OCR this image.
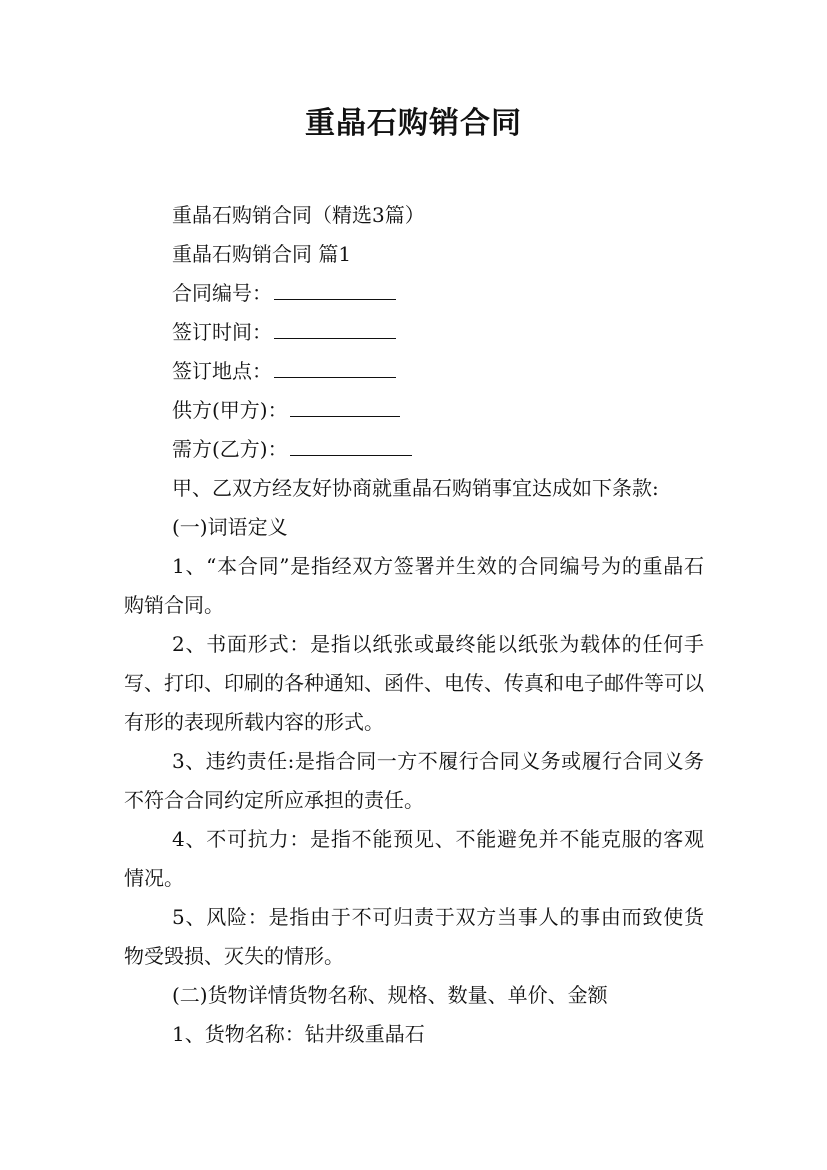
重晶石购销合同

重晶石购销合同（精选3篇）

重晶石购销合同 篇1

合同编号：

签订时间：

签订地点：

供方(甲方)：

需方(乙方)：

甲、乙双方经友好协商就重晶石购销事宜达成如下条款:

(一)词语定义

1、“本合同”是指经双方签署并生效的合同编号为的重晶石购销合同。

2、书面形式：是指以纸张或最终能以纸张为载体的任何手写、打印、印刷的各种通知、函件、电传、传真和电子邮件等可以有形的表现所载内容的形式。

3、违约责任:是指合同一方不履行合同义务或履行合同义务不符合合同约定所应承担的责任。

4、不可抗力：是指不能预见、不能避免并不能克服的客观情况。

5、风险：是指由于不可归责于双方当事人的事由而致使货物受毁损、灭失的情形。

(二)货物详情货物名称、规格、数量、单价、金额

1、货物名称：钻井级重晶石
